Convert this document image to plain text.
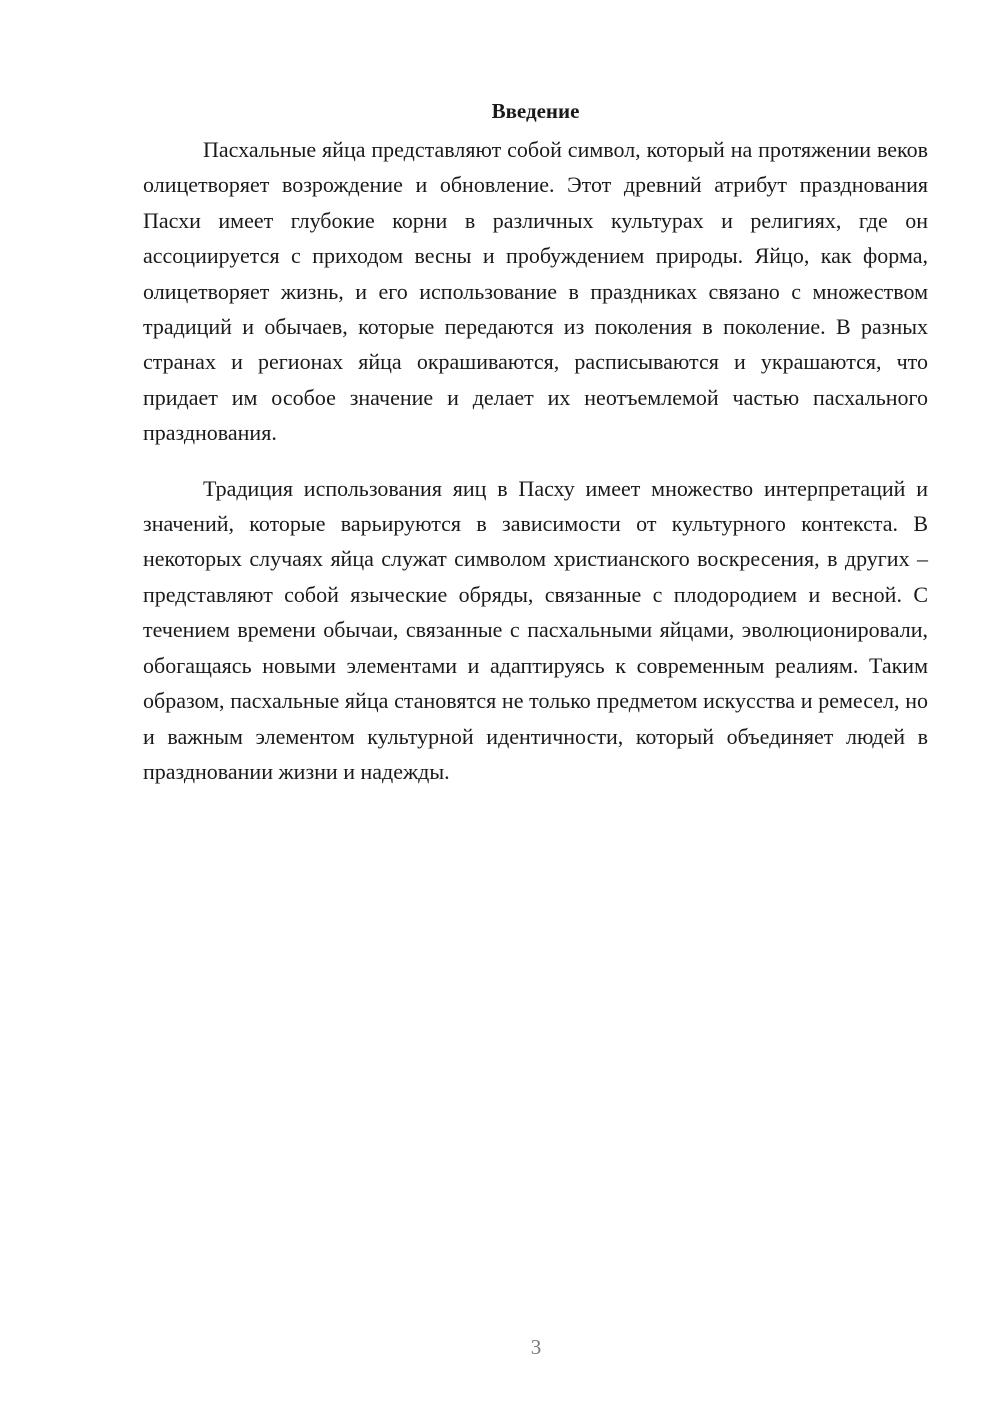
Введение

Пасхальные яйца представляют собой символ, который на протяжении веков олицетворяет возрождение и обновление. Этот древний атрибут празднования Пасхи имеет глубокие корни в различных культурах и религиях, где он ассоциируется с приходом весны и пробуждением природы. Яйцо, как форма, олицетворяет жизнь, и его использование в праздниках связано с множеством традиций и обычаев, которые передаются из поколения в поколение. В разных странах и регионах яйца окрашиваются, расписываются и украшаются, что придает им особое значение и делает их неотъемлемой частью пасхального празднования.

Традиция использования яиц в Пасху имеет множество интерпретаций и значений, которые варьируются в зависимости от культурного контекста. В некоторых случаях яйца служат символом христианского воскресения, в других – представляют собой языческие обряды, связанные с плодородием и весной. С течением времени обычаи, связанные с пасхальными яйцами, эволюционировали, обогащаясь новыми элементами и адаптируясь к современным реалиям. Таким образом, пасхальные яйца становятся не только предметом искусства и ремесел, но и важным элементом культурной идентичности, который объединяет людей в праздновании жизни и надежды.

3
